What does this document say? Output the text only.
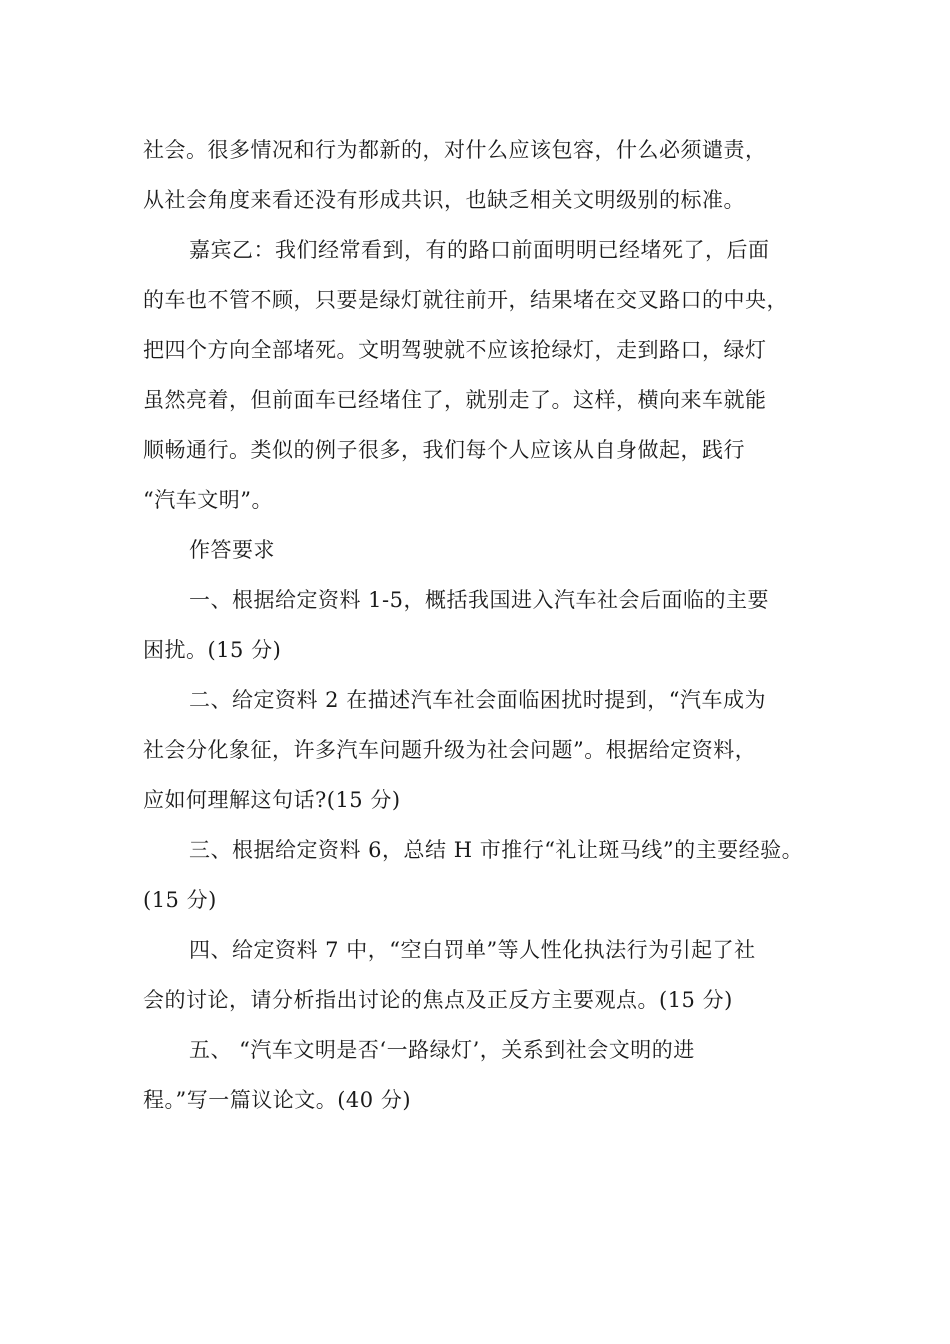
社会。很多情况和行为都新的，对什么应该包容，什么必须谴责，
从社会角度来看还没有形成共识，也缺乏相关文明级别的标准。
嘉宾乙：我们经常看到，有的路口前面明明已经堵死了，后面
的车也不管不顾，只要是绿灯就往前开，结果堵在交叉路口的中央，
把四个方向全部堵死。文明驾驶就不应该抢绿灯，走到路口，绿灯
虽然亮着，但前面车已经堵住了，就别走了。这样，横向来车就能
顺畅通行。类似的例子很多，我们每个人应该从自身做起，践行
“汽车文明”。
作答要求
一、根据给定资料 1-5，概括我国进入汽车社会后面临的主要
困扰。(15 分)
二、给定资料 2 在描述汽车社会面临困扰时提到，“汽车成为
社会分化象征，许多汽车问题升级为社会问题”。根据给定资料，
应如何理解这句话?(15 分)
三、根据给定资料 6，总结 H 市推行“礼让斑马线”的主要经验。
(15 分)
四、给定资料 7 中，“空白罚单”等人性化执法行为引起了社
会的讨论，请分析指出讨论的焦点及正反方主要观点。(15 分)
五、 “汽车文明是否‘一路绿灯’，关系到社会文明的进
程。”写一篇议论文。(40 分)
